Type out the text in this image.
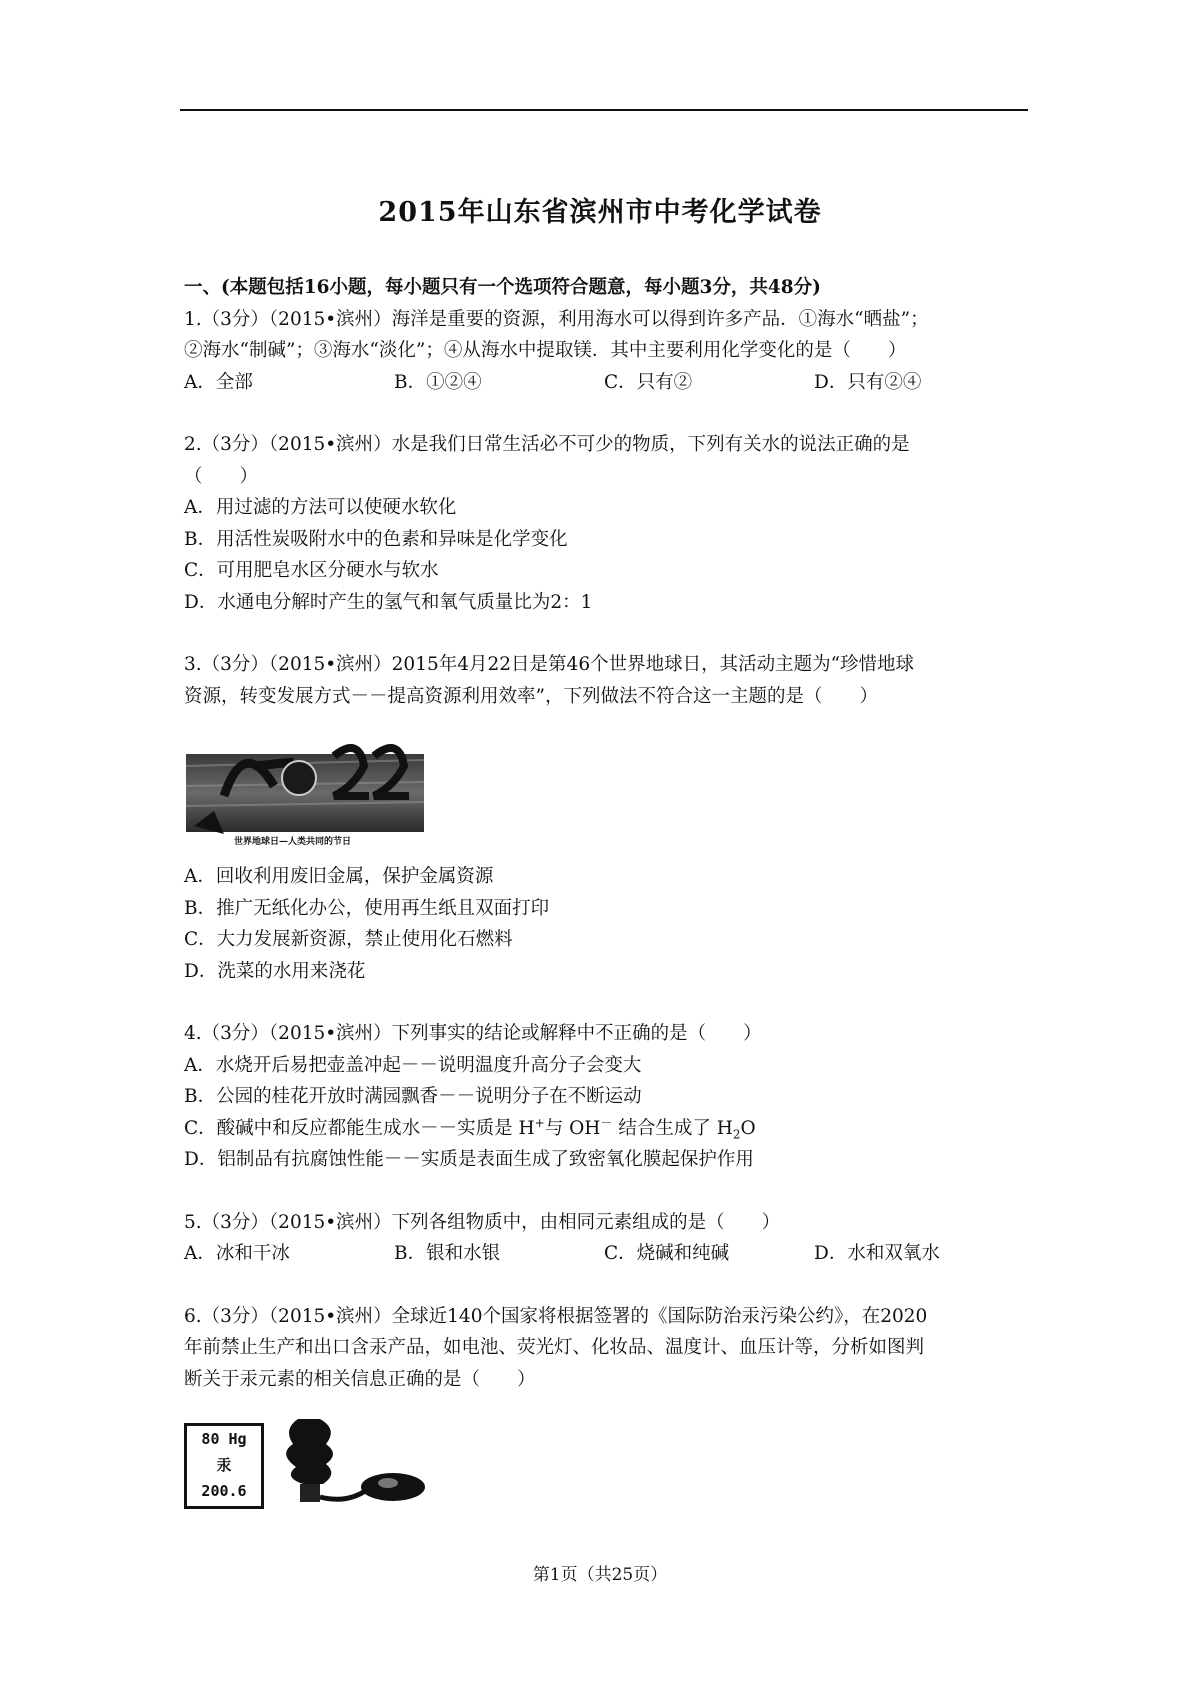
2015年山东省滨州市中考化学试卷
一、(本题包括16小题，每小题只有一个选项符合题意，每小题3分，共48分)
1.（3分）（2015•滨州）海洋是重要的资源，利用海水可以得到许多产品．①海水“晒盐”；
②海水“制碱”；③海水“淡化”；④从海水中提取镁．其中主要利用化学变化的是（　　）
A．全部	B．①②④	C．只有②	D．只有②④
2.（3分）（2015•滨州）水是我们日常生活必不可少的物质，下列有关水的说法正确的是
（　　）
A．用过滤的方法可以使硬水软化
B．用活性炭吸附水中的色素和异味是化学变化
C．可用肥皂水区分硬水与软水
D．水通电分解时产生的氢气和氧气质量比为2：1
3.（3分）（2015•滨州）2015年4月22日是第46个世界地球日，其活动主题为“珍惜地球
资源，转变发展方式－－提高资源利用效率”，下列做法不符合这一主题的是（　　）
世界地球日—人类共同的节日
A．回收利用废旧金属，保护金属资源
B．推广无纸化办公，使用再生纸且双面打印
C．大力发展新资源，禁止使用化石燃料
D．洗菜的水用来浇花
4.（3分）（2015•滨州）下列事实的结论或解释中不正确的是（　　）
A．水烧开后易把壶盖冲起－－说明温度升高分子会变大
B．公园的桂花开放时满园飘香－－说明分子在不断运动
C．酸碱中和反应都能生成水－－实质是 H+与 OH－ 结合生成了 $H_2O$
D．铝制品有抗腐蚀性能－－实质是表面生成了致密氧化膜起保护作用
5.（3分）（2015•滨州）下列各组物质中，由相同元素组成的是（　　）
A．冰和干冰	B．银和水银	C．烧碱和纯碱	D．水和双氧水
6.（3分）（2015•滨州）全球近140个国家将根据签署的《国际防治汞污染公约》，在2020
年前禁止生产和出口含汞产品，如电池、荧光灯、化妆品、温度计、血压计等，分析如图判
断关于汞元素的相关信息正确的是（　　）
80 Hg
汞
200.6
第1页（共25页）
